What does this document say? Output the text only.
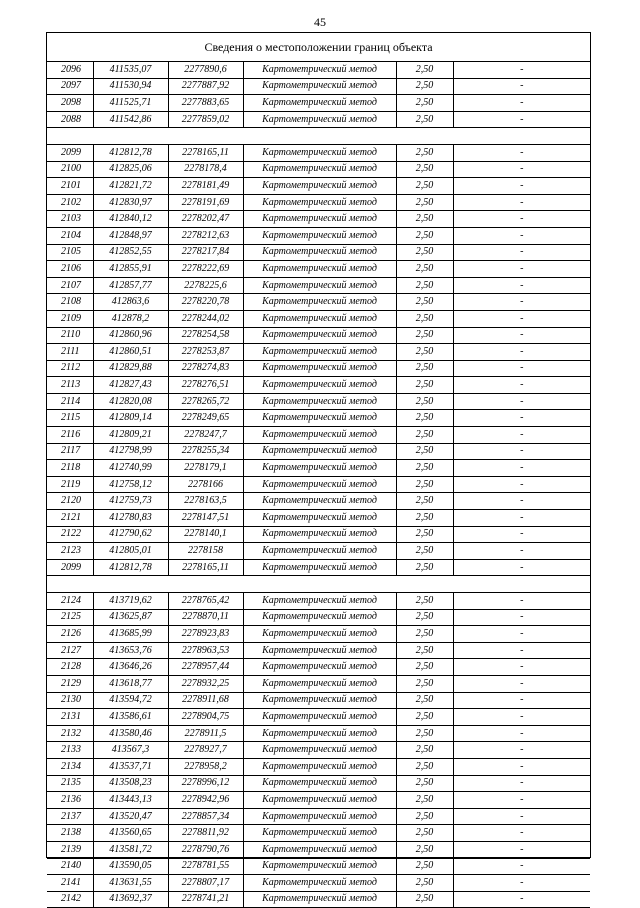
45
Сведения о местоположении границ объекта
2096	411535,07	2277890,6	Картометрический метод	2,50	-
2097	411530,94	2277887,92	Картометрический метод	2,50	-
2098	411525,71	2277883,65	Картометрический метод	2,50	-
2088	411542,86	2277859,02	Картометрический метод	2,50	-

2099	412812,78	2278165,11	Картометрический метод	2,50	-
2100	412825,06	2278178,4	Картометрический метод	2,50	-
2101	412821,72	2278181,49	Картометрический метод	2,50	-
2102	412830,97	2278191,69	Картометрический метод	2,50	-
2103	412840,12	2278202,47	Картометрический метод	2,50	-
2104	412848,97	2278212,63	Картометрический метод	2,50	-
2105	412852,55	2278217,84	Картометрический метод	2,50	-
2106	412855,91	2278222,69	Картометрический метод	2,50	-
2107	412857,77	2278225,6	Картометрический метод	2,50	-
2108	412863,6	2278220,78	Картометрический метод	2,50	-
2109	412878,2	2278244,02	Картометрический метод	2,50	-
2110	412860,96	2278254,58	Картометрический метод	2,50	-
2111	412860,51	2278253,87	Картометрический метод	2,50	-
2112	412829,88	2278274,83	Картометрический метод	2,50	-
2113	412827,43	2278276,51	Картометрический метод	2,50	-
2114	412820,08	2278265,72	Картометрический метод	2,50	-
2115	412809,14	2278249,65	Картометрический метод	2,50	-
2116	412809,21	2278247,7	Картометрический метод	2,50	-
2117	412798,99	2278255,34	Картометрический метод	2,50	-
2118	412740,99	2278179,1	Картометрический метод	2,50	-
2119	412758,12	2278166	Картометрический метод	2,50	-
2120	412759,73	2278163,5	Картометрический метод	2,50	-
2121	412780,83	2278147,51	Картометрический метод	2,50	-
2122	412790,62	2278140,1	Картометрический метод	2,50	-
2123	412805,01	2278158	Картометрический метод	2,50	-
2099	412812,78	2278165,11	Картометрический метод	2,50	-

2124	413719,62	2278765,42	Картометрический метод	2,50	-
2125	413625,87	2278870,11	Картометрический метод	2,50	-
2126	413685,99	2278923,83	Картометрический метод	2,50	-
2127	413653,76	2278963,53	Картометрический метод	2,50	-
2128	413646,26	2278957,44	Картометрический метод	2,50	-
2129	413618,77	2278932,25	Картометрический метод	2,50	-
2130	413594,72	2278911,68	Картометрический метод	2,50	-
2131	413586,61	2278904,75	Картометрический метод	2,50	-
2132	413580,46	2278911,5	Картометрический метод	2,50	-
2133	413567,3	2278927,7	Картометрический метод	2,50	-
2134	413537,71	2278958,2	Картометрический метод	2,50	-
2135	413508,23	2278996,12	Картометрический метод	2,50	-
2136	413443,13	2278942,96	Картометрический метод	2,50	-
2137	413520,47	2278857,34	Картометрический метод	2,50	-
2138	413560,65	2278811,92	Картометрический метод	2,50	-
2139	413581,72	2278790,76	Картометрический метод	2,50	-
2140	413590,05	2278781,55	Картометрический метод	2,50	-
2141	413631,55	2278807,17	Картометрический метод	2,50	-
2142	413692,37	2278741,21	Картометрический метод	2,50	-
